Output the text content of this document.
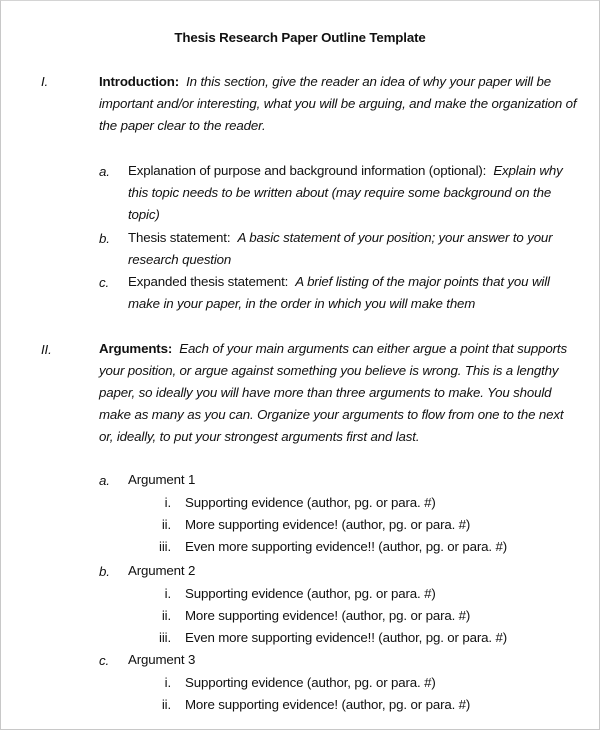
Thesis Research Paper Outline Template
I.	Introduction: In this section, give the reader an idea of why your paper will be important and/or interesting, what you will be arguing, and make the organization of the paper clear to the reader.
a. Explanation of purpose and background information (optional): Explain why this topic needs to be written about (may require some background on the topic)
b. Thesis statement: A basic statement of your position; your answer to your research question
c. Expanded thesis statement: A brief listing of the major points that you will make in your paper, in the order in which you will make them
II.	Arguments: Each of your main arguments can either argue a point that supports your position, or argue against something you believe is wrong. This is a lengthy paper, so ideally you will have more than three arguments to make. You should make as many as you can. Organize your arguments to flow from one to the next or, ideally, to put your strongest arguments first and last.
a. Argument 1
i. Supporting evidence (author, pg. or para. #)
ii. More supporting evidence! (author, pg. or para. #)
iii. Even more supporting evidence!! (author, pg. or para. #)
b. Argument 2
i. Supporting evidence (author, pg. or para. #)
ii. More supporting evidence! (author, pg. or para. #)
iii. Even more supporting evidence!! (author, pg. or para. #)
c. Argument 3
i. Supporting evidence (author, pg. or para. #)
ii. More supporting evidence! (author, pg. or para. #)
